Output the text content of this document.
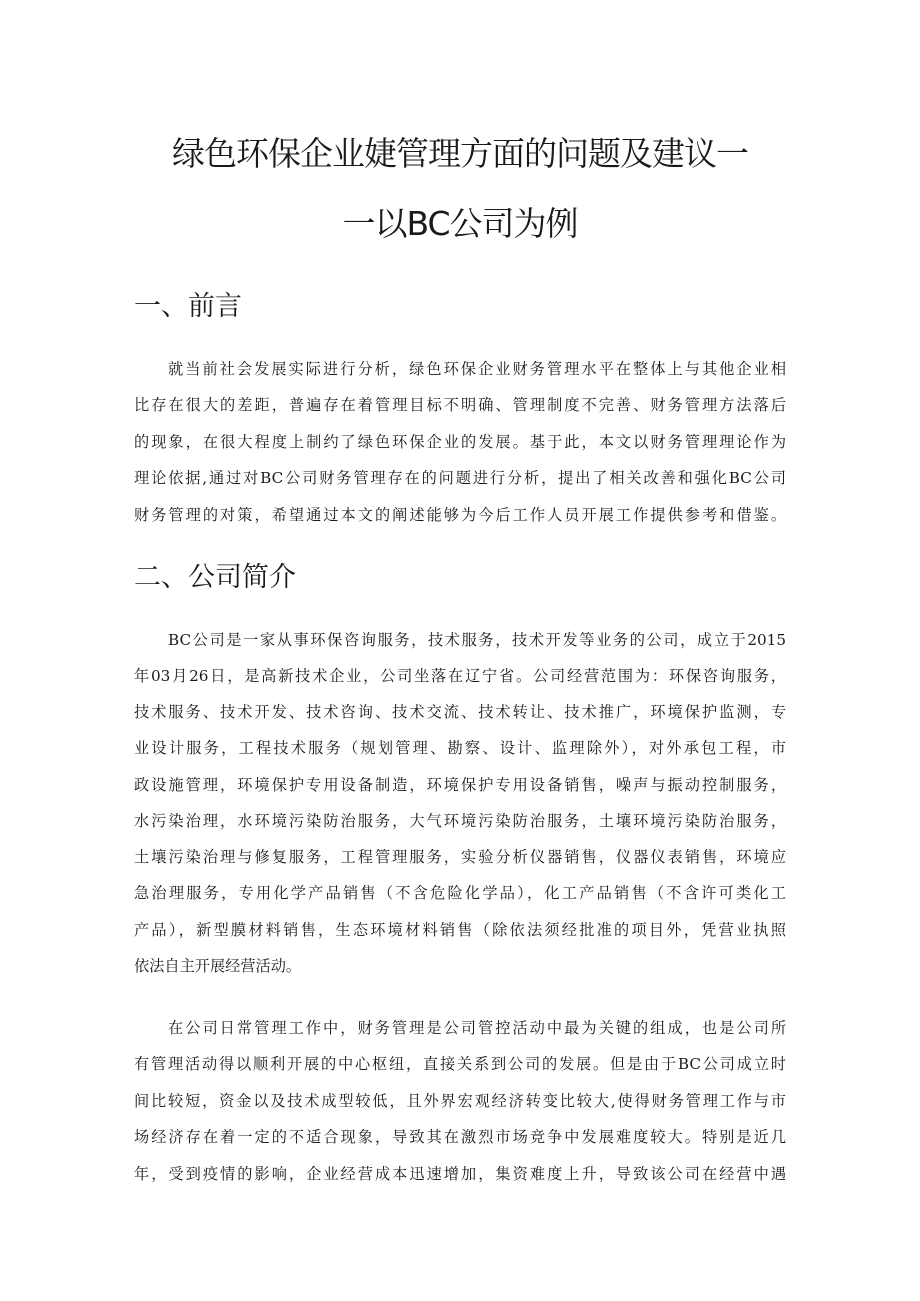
绿色环保企业婕管理方面的问题及建议一
一以BC公司为例
一、前言

就当前社会发展实际进行分析，绿色环保企业财务管理水平在整体上与其他企业相

比存在很大的差距，普遍存在着管理目标不明确、管理制度不完善、财务管理方法落后

的现象，在很大程度上制约了绿色环保企业的发展。基于此，本文以财务管理理论作为

理论依据,通过对BC公司财务管理存在的问题进行分析，提出了相关改善和强化BC公司

财务管理的对策，希望通过本文的阐述能够为今后工作人员开展工作提供参考和借鉴。

二、公司简介

BC公司是一家从事环保咨询服务，技术服务，技术开发等业务的公司，成立于2015

年03月26日，是高新技术企业，公司坐落在辽宁省。公司经营范围为：环保咨询服务，

技术服务、技术开发、技术咨询、技术交流、技术转让、技术推广，环境保护监测，专

业设计服务，工程技术服务（规划管理、勘察、设计、监理除外），对外承包工程，市

政设施管理，环境保护专用设备制造，环境保护专用设备销售，噪声与振动控制服务，

水污染治理，水环境污染防治服务，大气环境污染防治服务，土壤环境污染防治服务，

土壤污染治理与修复服务，工程管理服务，实验分析仪器销售，仪器仪表销售，环境应

急治理服务，专用化学产品销售（不含危险化学品），化工产品销售（不含许可类化工

产品），新型膜材料销售，生态环境材料销售（除依法须经批准的项目外，凭营业执照

依法自主开展经营活动。

在公司日常管理工作中，财务管理是公司管控活动中最为关键的组成，也是公司所

有管理活动得以顺利开展的中心枢纽，直接关系到公司的发展。但是由于BC公司成立时

间比较短，资金以及技术成型较低，且外界宏观经济转变比较大,使得财务管理工作与市

场经济存在着一定的不适合现象，导致其在激烈市场竞争中发展难度较大。特别是近几

年，受到疫情的影响，企业经营成本迅速增加，集资难度上升，导致该公司在经营中遇
